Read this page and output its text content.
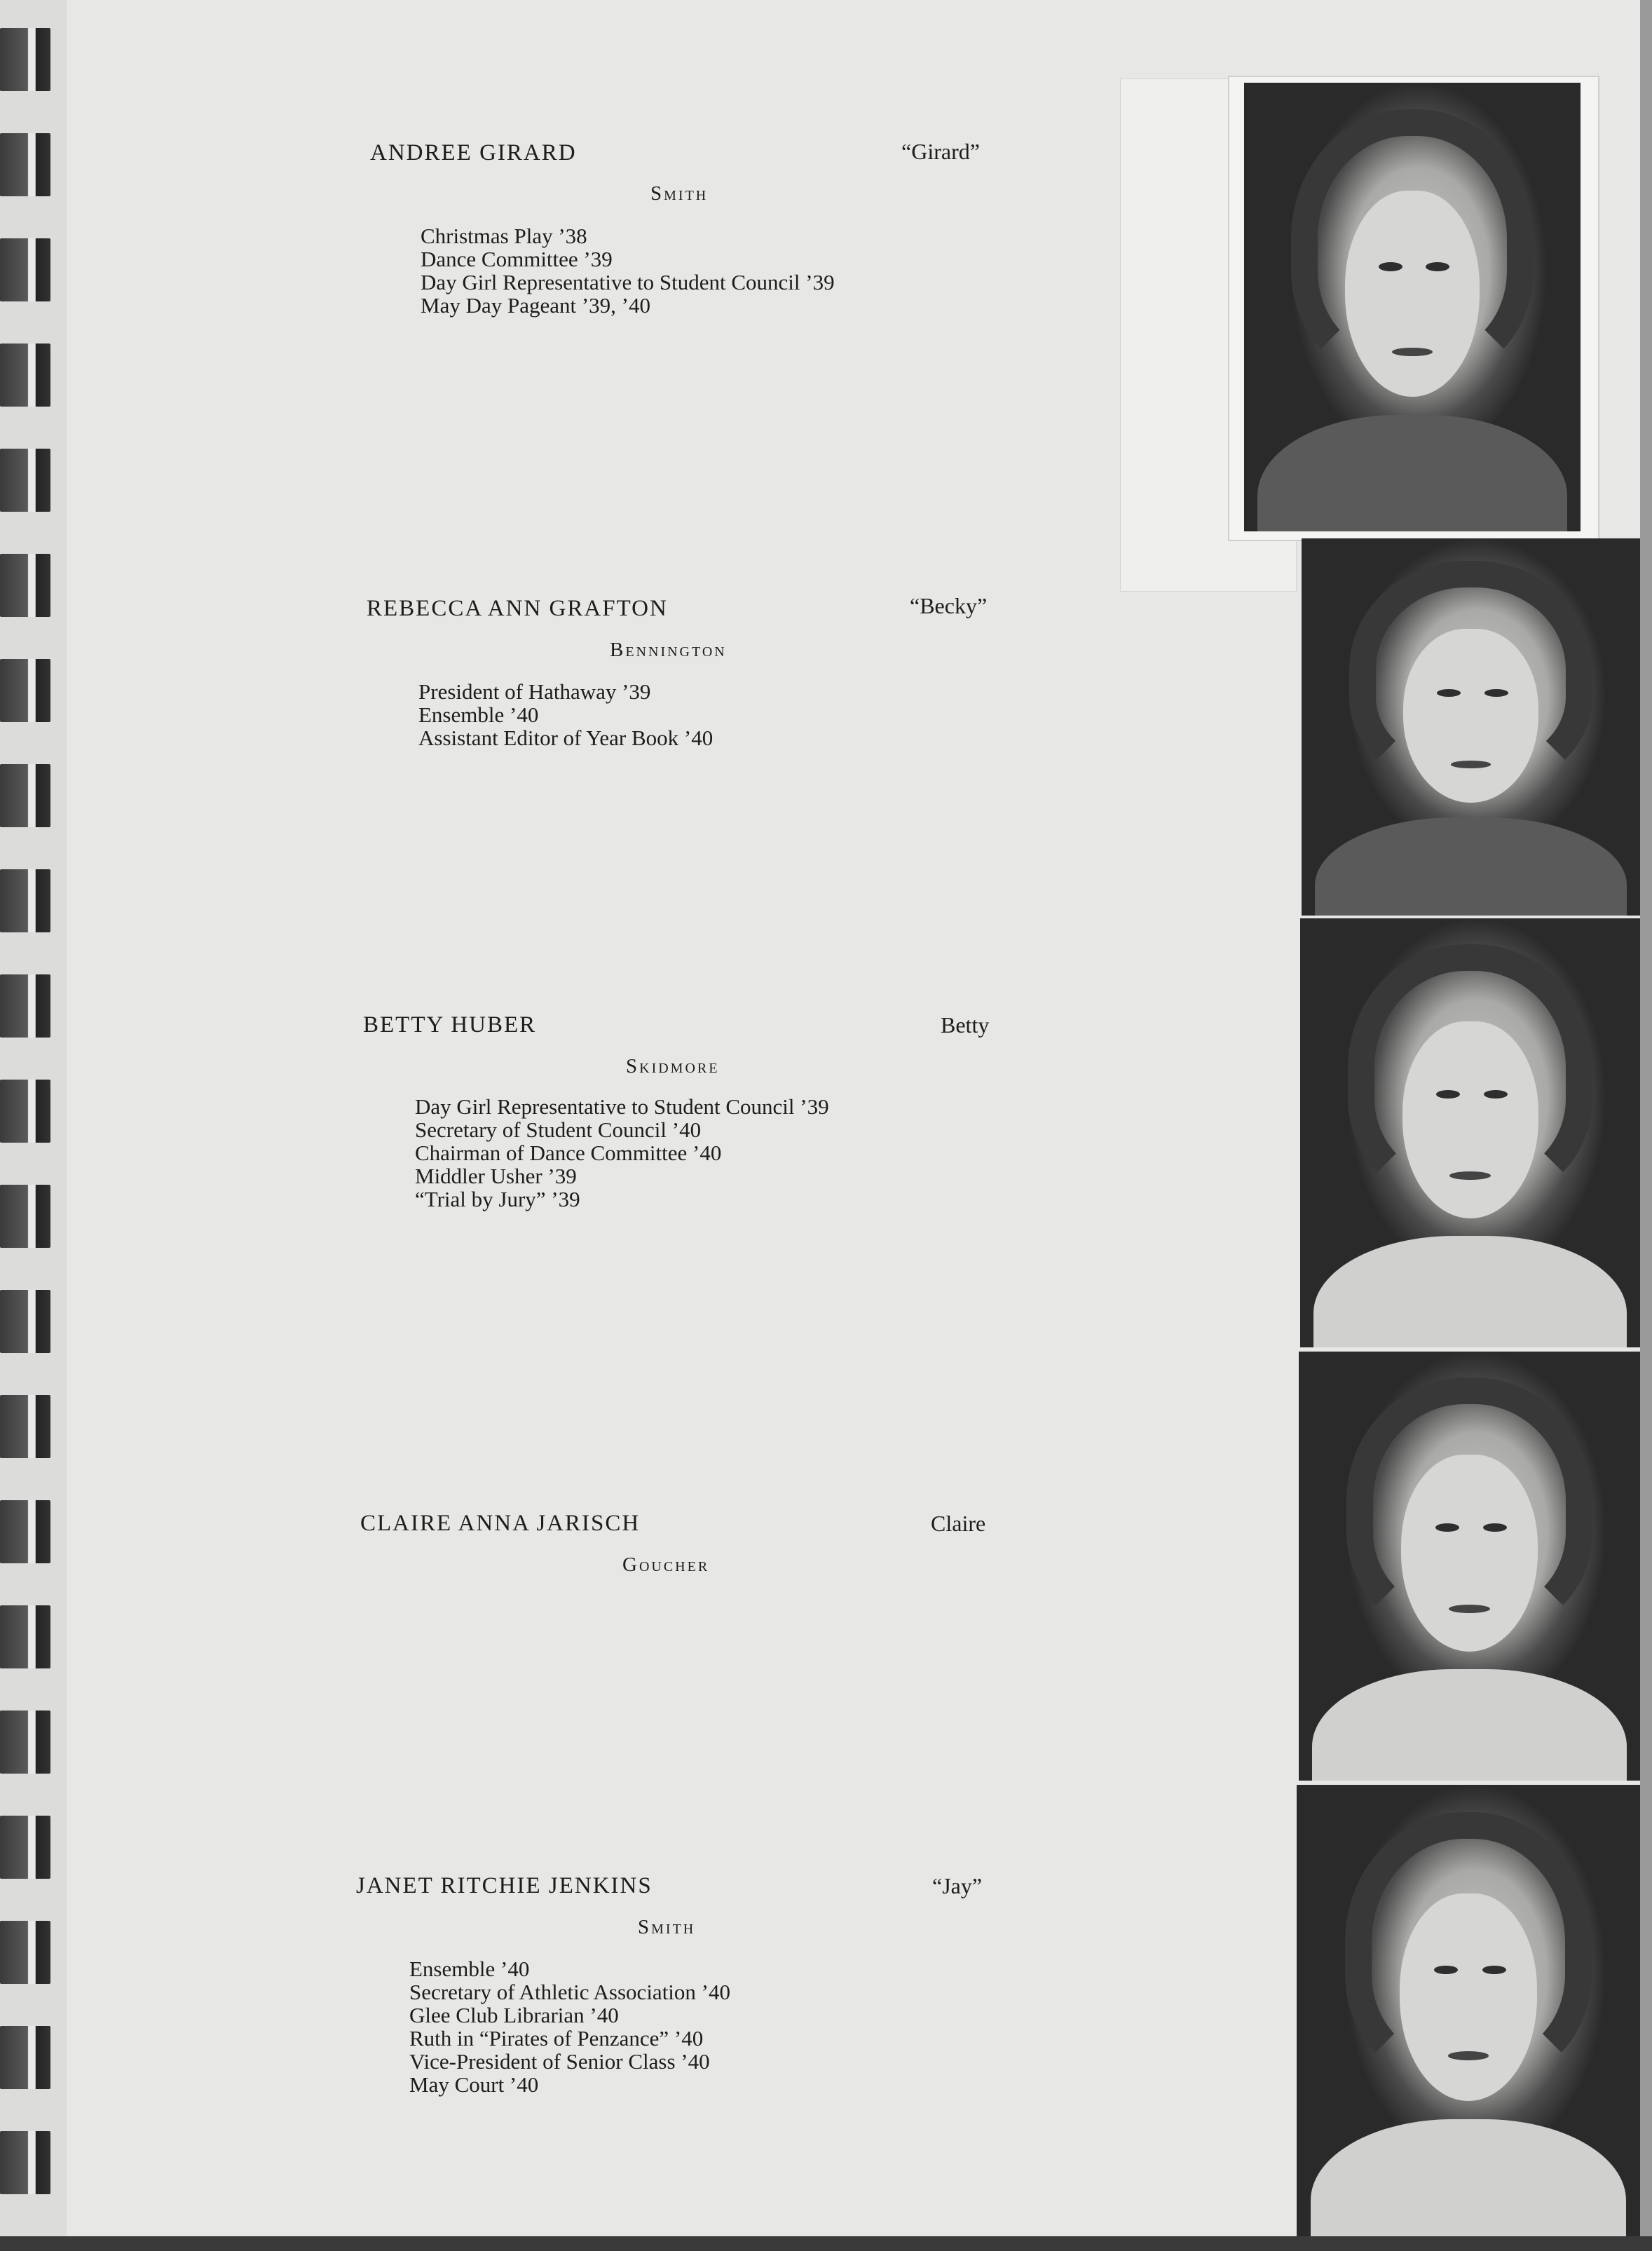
ANDREE GIRARD	“Girard”
Smith
Christmas Play ’38
Dance Committee ’39
Day Girl Representative to Student Council ’39
May Day Pageant ’39, ’40
REBECCA ANN GRAFTON	“Becky”
Bennington
President of Hathaway ’39
Ensemble ’40
Assistant Editor of Year Book ’40
BETTY HUBER	Betty
Skidmore
Day Girl Representative to Student Council ’39
Secretary of Student Council ’40
Chairman of Dance Committee ’40
Middler Usher ’39
“Trial by Jury” ’39
CLAIRE ANNA JARISCH	Claire
Goucher
JANET RITCHIE JENKINS	“Jay”
Smith
Ensemble ’40
Secretary of Athletic Association ’40
Glee Club Librarian ’40
Ruth in “Pirates of Penzance” ’40
Vice-President of Senior Class ’40
May Court ’40
